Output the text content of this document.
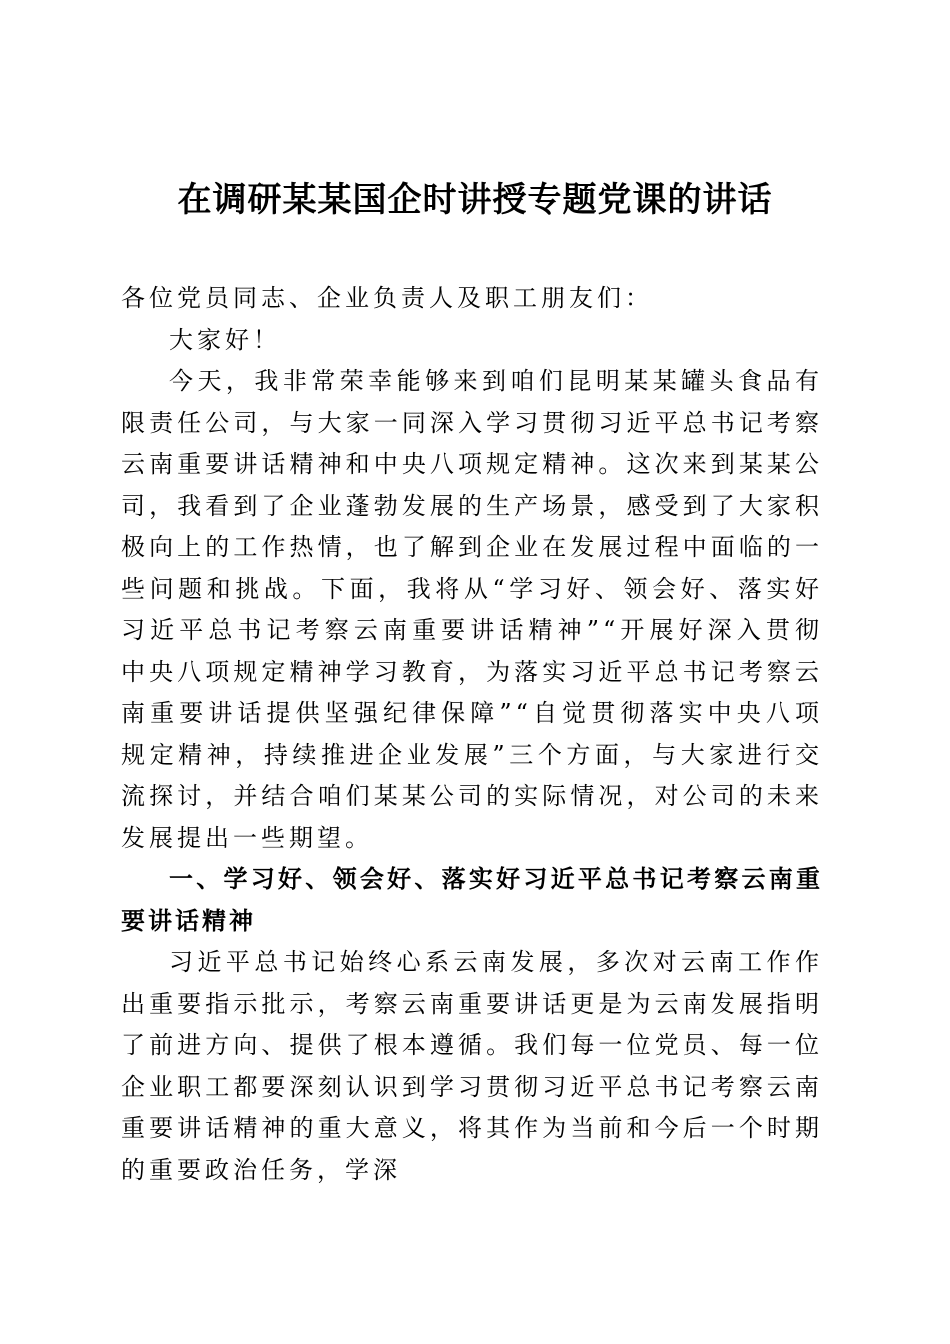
在调研某某国企时讲授专题党课的讲话

各位党员同志、企业负责人及职工朋友们：

大家好！

今天，我非常荣幸能够来到咱们昆明某某罐头食品有限责任公司，与大家一同深入学习贯彻习近平总书记考察云南重要讲话精神和中央八项规定精神。这次来到某某公司，我看到了企业蓬勃发展的生产场景，感受到了大家积极向上的工作热情，也了解到企业在发展过程中面临的一些问题和挑战。下面，我将从“学习好、领会好、落实好习近平总书记考察云南重要讲话精神”“开展好深入贯彻中央八项规定精神学习教育，为落实习近平总书记考察云南重要讲话提供坚强纪律保障”“自觉贯彻落实中央八项规定精神，持续推进企业发展”三个方面，与大家进行交流探讨，并结合咱们某某公司的实际情况，对公司的未来发展提出一些期望。

一、学习好、领会好、落实好习近平总书记考察云南重要讲话精神

习近平总书记始终心系云南发展，多次对云南工作作出重要指示批示，考察云南重要讲话更是为云南发展指明了前进方向、提供了根本遵循。我们每一位党员、每一位企业职工都要深刻认识到学习贯彻习近平总书记考察云南重要讲话精神的重大意义，将其作为当前和今后一个时期的重要政治任务，学深
